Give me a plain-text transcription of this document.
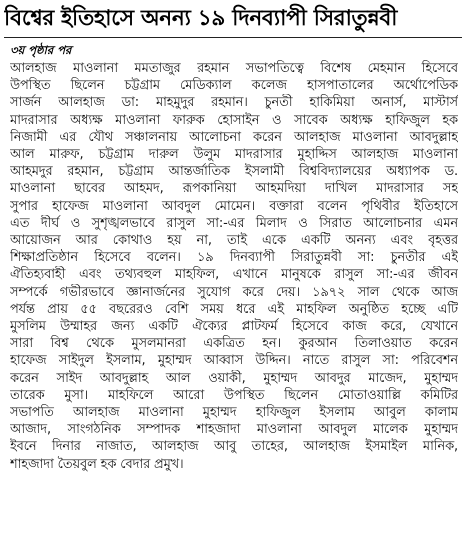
বিশ্বের ইতিহাসে অনন্য ১৯ দিনব্যাপী সিরাতুন্নবী
৩য় পৃষ্ঠার পর
আলহাজ মাওলানা মমতাজুর রহমান সভাপতিত্বে বিশেষ মেহমান হিসেবে
উপস্থিত ছিলেন চট্টগ্রাম মেডিক্যাল কলেজ হাসপাতালের অর্থোপেডিক
সার্জন আলহাজ ডা: মাহমুদুর রহমান। চুনতী হাকিমিয়া অনার্স, মাস্টার্স
মাদরাসার অধ্যক্ষ মাওলানা ফারুক হোসাইন ও সাবেক অধ্যক্ষ হাফিজুল হক
নিজামী এর যৌথ সঞ্চালনায় আলোচনা করেন আলহাজ মাওলানা আবদুল্লাহ
আল মারুফ, চট্টগ্রাম দারুল উলুম মাদরাসার মুহাদ্দিস আলহাজ মাওলানা
আহমদুর রহমান, চট্টগ্রাম আন্তর্জাতিক ইসলামী বিশ্ববিদ্যালয়ের অধ্যাপক ড.
মাওলানা ছাবের আহমদ, রূপকানিয়া আহমদিয়া দাখিল মাদরাসার সহ
সুপার হাফেজ মাওলানা আবদুল মোমেন। বক্তারা বলেন পৃথিবীর ইতিহাসে
এত দীর্ঘ ও সুশৃঙ্খলভাবে রাসুল সা:-এর মিলাদ ও সিরাত আলোচনার এমন
আয়োজন আর কোথাও হয় না, তাই একে একটি অনন্য এবং বৃহত্তর
শিক্ষাপ্রতিষ্ঠান হিসেবে বলেন। ১৯ দিনব্যাপী সিরাতুন্নবী সা: চুনতীর এই
ঐতিহ্যবাহী এবং তথ্যবহুল মাহফিল, এখানে মানুষকে রাসুল সা:-এর জীবন
সম্পর্কে গভীরভাবে জ্ঞানার্জনের সুযোগ করে দেয়। ১৯৭২ সাল থেকে আজ
পর্যন্ত প্রায় ৫৫ বছরেরও বেশি সময় ধরে এই মাহফিল অনুষ্ঠিত হচ্ছে এটি
মুসলিম উম্মাহর জন্য একটি ঐক্যের প্লাটফর্ম হিসেবে কাজ করে, যেখানে
সারা বিশ্ব থেকে মুসলমানরা একত্রিত হন। কুরআন তিলাওয়াত করেন
হাফেজ সাইদুল ইসলাম, মুহাম্মদ আব্বাস উদ্দিন। নাতে রাসুল সা: পরিবেশন
করেন সাইদ আবদুল্লাহ আল ওয়াকী, মুহাম্মদ আবদুর মাজেদ, মুহাম্মদ
তারেক মুসা। মাহফিলে আরো উপস্থিত ছিলেন মোতাওয়াল্লি কমিটির
সভাপতি আলহাজ মাওলানা মুহাম্মদ হাফিজুল ইসলাম আবুল কালাম
আজাদ, সাংগঠনিক সম্পাদক শাহজাদা মাওলানা আবদুল মালেক মুহাম্মদ
ইবনে দিনার নাজাত, আলহাজ আবু তাহের, আলহাজ ইসমাইল মানিক,
শাহজাদা তৈয়বুল হক বেদার প্রমুখ।
